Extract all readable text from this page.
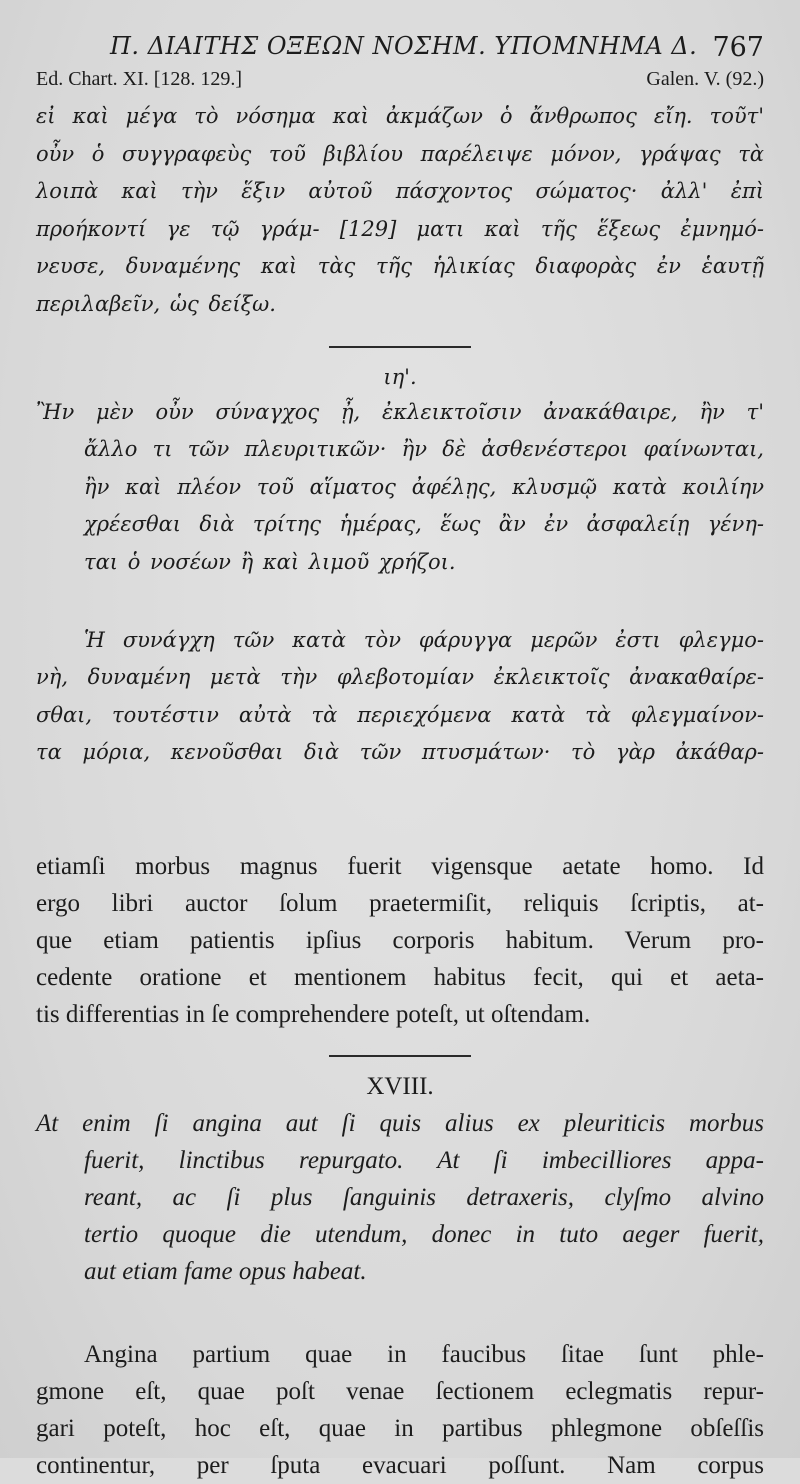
Π. ΔΙΑΙΤΗΣ ΟΞΕΩΝ ΝΟΣΗΜ. ΥΠΟΜΝΗΜΑ Δ. 767
Ed. Chart. XI. [128. 129.]	Galen. V. (92.)
εἰ καὶ μέγα τὸ νόσημα καὶ ἀκμάζων ὁ ἄνθρωπος εἴη. τοῦτ'
οὖν ὁ συγγραφεὺς τοῦ βιβλίου παρέλειψε μόνον, γράψας τὰ
λοιπὰ καὶ τὴν ἕξιν αὐτοῦ πάσχοντος σώματος· ἀλλ' ἐπὶ
προήκοντί γε τῷ γράμ- [129] ματι καὶ τῆς ἕξεως ἐμνημό-
νευσε, δυναμένης καὶ τὰς τῆς ἡλικίας διαφορὰς ἐν ἑαυτῇ
περιλαβεῖν, ὡς δείξω.
ιη'.
Ἢν μὲν οὖν σύναγχος ᾖ, ἐκλεικτοῖσιν ἀνακάθαιρε, ἢν τ'
ἄλλο τι τῶν πλευριτικῶν· ἢν δὲ ἀσθενέστεροι φαίνωνται,
ἢν καὶ πλέον τοῦ αἵματος ἀφέλῃς, κλυσμῷ κατὰ κοιλίην
χρέεσθαι διὰ τρίτης ἡμέρας, ἕως ἂν ἐν ἀσφαλείῃ γένη-
ται ὁ νοσέων ἢ καὶ λιμοῦ χρήζοι.
Ἡ συνάγχη τῶν κατὰ τὸν φάρυγγα μερῶν ἐστι φλεγμο-
νὴ, δυναμένη μετὰ τὴν φλεβοτομίαν ἐκλεικτοῖς ἀνακαθαίρε-
σθαι, τουτέστιν αὐτὰ τὰ περιεχόμενα κατὰ τὰ φλεγμαίνον-
τα μόρια, κενοῦσθαι διὰ τῶν πτυσμάτων· τὸ γὰρ ἀκάθαρ-
etiamſi morbus magnus fuerit vigensque aetate homo. Id
ergo libri auctor ſolum praetermiſit, reliquis ſcriptis, at-
que etiam patientis ipſius corporis habitum. Verum pro-
cedente oratione et mentionem habitus fecit, qui et aeta-
tis differentias in ſe comprehendere poteſt, ut oſtendam.
XVIII.
At enim ſi angina aut ſi quis alius ex pleuriticis morbus
fuerit, linctibus repurgato. At ſi imbecilliores appa-
reant, ac ſi plus ſanguinis detraxeris, clyſmo alvino
tertio quoque die utendum, donec in tuto aeger fuerit,
aut etiam fame opus habeat.
Angina partium quae in faucibus ſitae ſunt phle-
gmone eſt, quae poſt venae ſectionem eclegmatis repur-
gari poteſt, hoc eſt, quae in partibus phlegmone obſeſſis
continentur, per ſputa evacuari poſſunt. Nam corpus
